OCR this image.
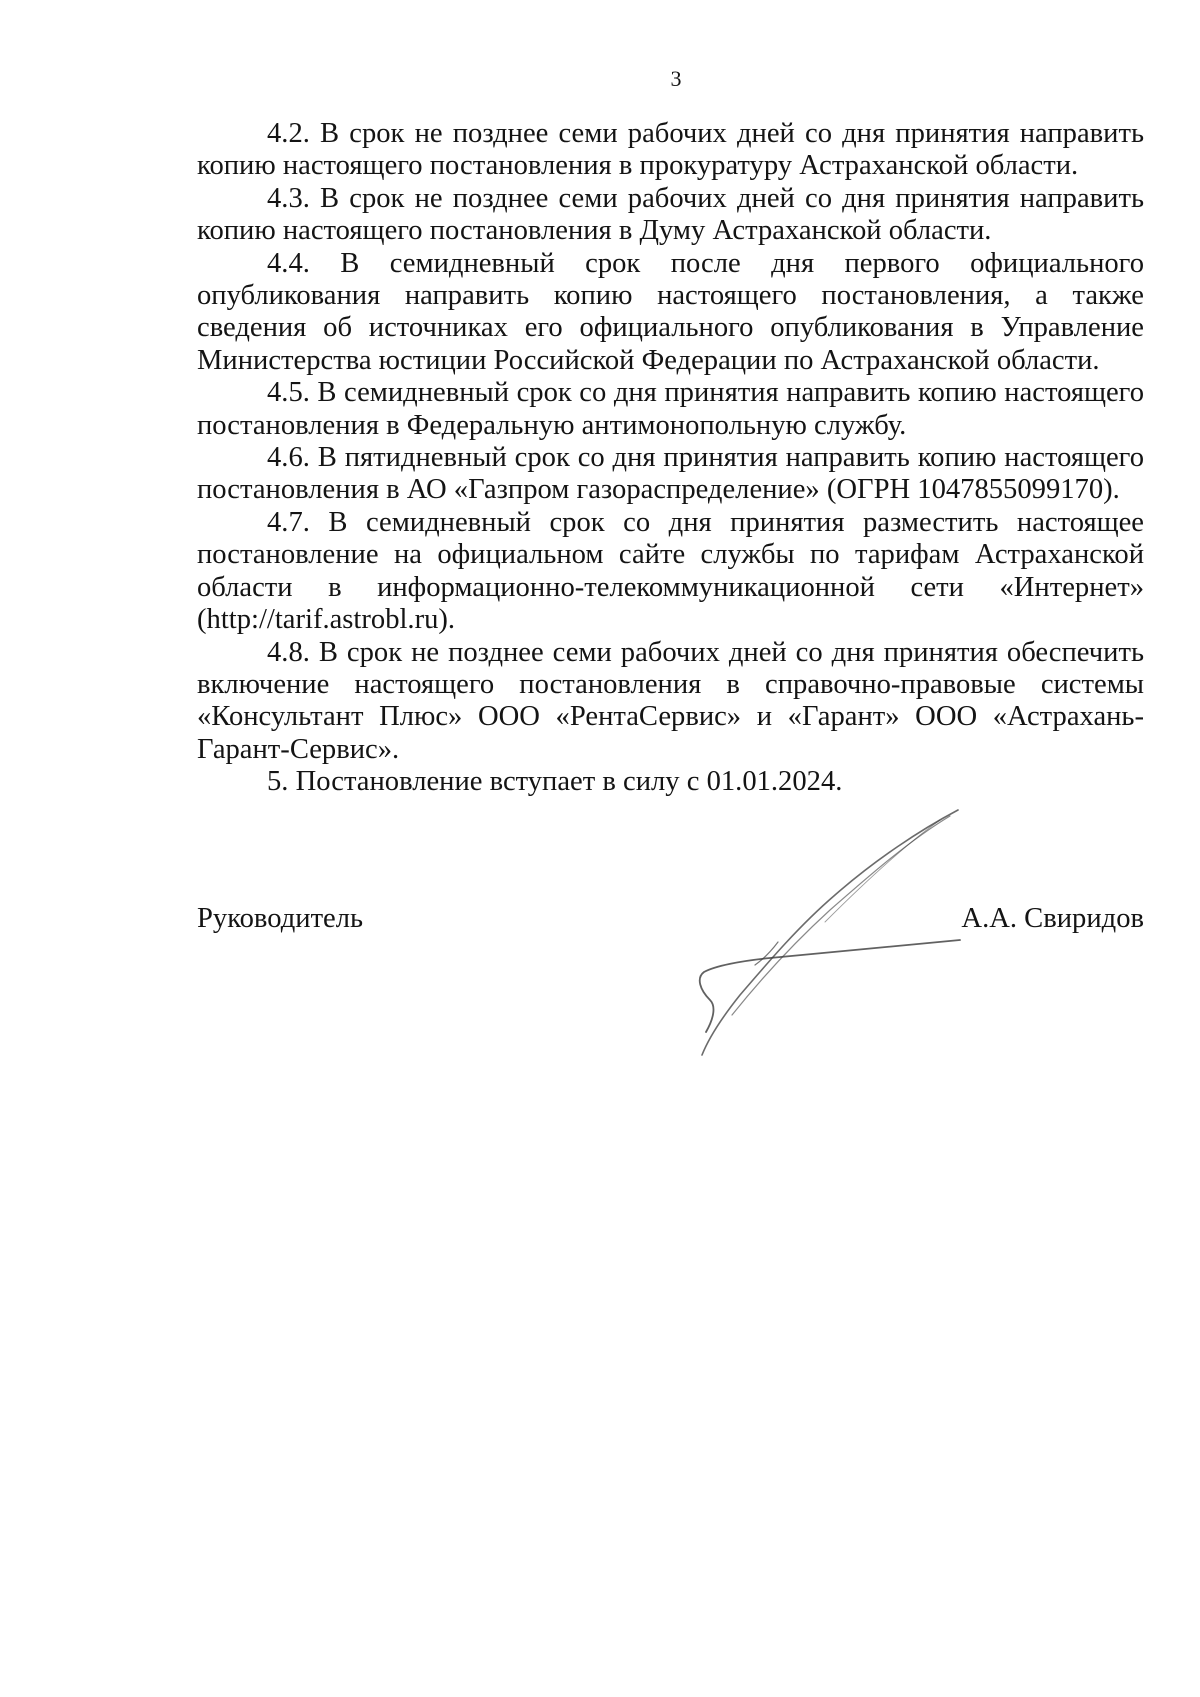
3

4.2. В срок не позднее семи рабочих дней со дня принятия направить копию настоящего постановления в прокуратуру Астраханской области.

4.3. В срок не позднее семи рабочих дней со дня принятия направить копию настоящего постановления в Думу Астраханской области.

4.4. В семидневный срок после дня первого официального опубликования направить копию настоящего постановления, а также сведения об источниках его официального опубликования в Управление Министерства юстиции Российской Федерации по Астраханской области.

4.5. В семидневный срок со дня принятия направить копию настоящего постановления в Федеральную антимонопольную службу.

4.6. В пятидневный срок со дня принятия направить копию настоящего постановления в АО «Газпром газораспределение» (ОГРН 1047855099170).

4.7. В семидневный срок со дня принятия разместить настоящее постановление на официальном сайте службы по тарифам Астраханской области в информационно-телекоммуникационной сети «Интернет» (http://tarif.astrobl.ru).

4.8. В срок не позднее семи рабочих дней со дня принятия обеспечить включение настоящего постановления в справочно-правовые системы «Консультант Плюс» ООО «РентаСервис» и «Гарант» ООО «Астрахань-Гарант-Сервис».

5. Постановление вступает в силу с 01.01.2024.

Руководитель	А.А. Свиридов
